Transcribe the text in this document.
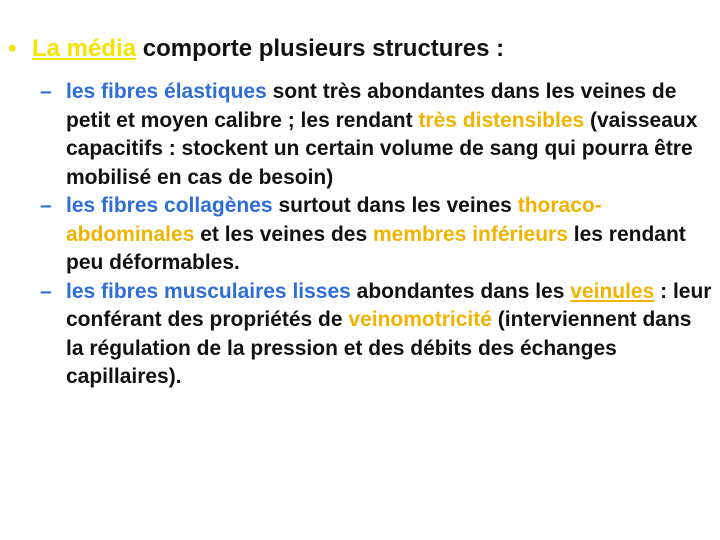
• La média comporte plusieurs structures :
– les fibres élastiques sont très abondantes dans les veines de petit et moyen calibre ; les rendant très distensibles (vaisseaux capacitifs : stockent un certain volume de sang qui pourra être mobilisé en cas de besoin)
– les fibres collagènes surtout dans les veines thoraco-abdominales et les veines des membres inférieurs les rendant peu déformables.
– les fibres musculaires lisses abondantes dans les veinules : leur conférant des propriétés de veinomotricité (interviennent dans la régulation de la pression et des débits des échanges capillaires).
